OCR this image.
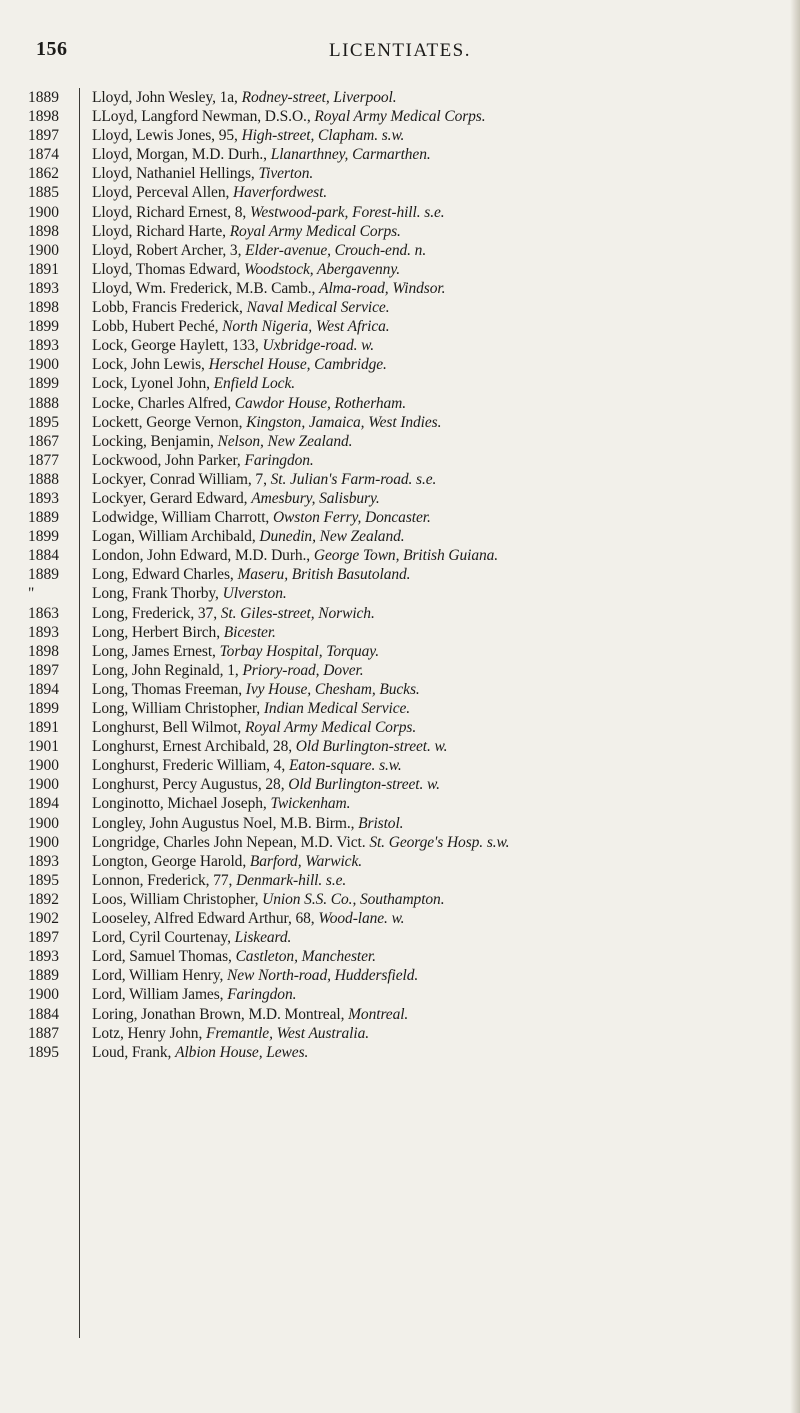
156	LICENTIATES.
1889	Lloyd, John Wesley, 1a, Rodney-street, Liverpool.
1898	LLoyd, Langford Newman, D.S.O., Royal Army Medical Corps.
1897	Lloyd, Lewis Jones, 95, High-street, Clapham. s.w.
1874	Lloyd, Morgan, M.D. Durh., Llanarthney, Carmarthen.
1862	Lloyd, Nathaniel Hellings, Tiverton.
1885	Lloyd, Perceval Allen, Haverfordwest.
1900	Lloyd, Richard Ernest, 8, Westwood-park, Forest-hill. s.e.
1898	Lloyd, Richard Harte, Royal Army Medical Corps.
1900	Lloyd, Robert Archer, 3, Elder-avenue, Crouch-end. n.
1891	Lloyd, Thomas Edward, Woodstock, Abergavenny.
1893	Lloyd, Wm. Frederick, M.B. Camb., Alma-road, Windsor.
1898	Lobb, Francis Frederick, Naval Medical Service.
1899	Lobb, Hubert Peché, North Nigeria, West Africa.
1893	Lock, George Haylett, 133, Uxbridge-road. w.
1900	Lock, John Lewis, Herschel House, Cambridge.
1899	Lock, Lyonel John, Enfield Lock.
1888	Locke, Charles Alfred, Cawdor House, Rotherham.
1895	Lockett, George Vernon, Kingston, Jamaica, West Indies.
1867	Locking, Benjamin, Nelson, New Zealand.
1877	Lockwood, John Parker, Faringdon.
1888	Lockyer, Conrad William, 7, St. Julian's Farm-road. s.e.
1893	Lockyer, Gerard Edward, Amesbury, Salisbury.
1889	Lodwidge, William Charrott, Owston Ferry, Doncaster.
1899	Logan, William Archibald, Dunedin, New Zealand.
1884	London, John Edward, M.D. Durh., George Town, British Guiana.
1889	Long, Edward Charles, Maseru, British Basutoland.
"	Long, Frank Thorby, Ulverston.
1863	Long, Frederick, 37, St. Giles-street, Norwich.
1893	Long, Herbert Birch, Bicester.
1898	Long, James Ernest, Torbay Hospital, Torquay.
1897	Long, John Reginald, 1, Priory-road, Dover.
1894	Long, Thomas Freeman, Ivy House, Chesham, Bucks.
1899	Long, William Christopher, Indian Medical Service.
1891	Longhurst, Bell Wilmot, Royal Army Medical Corps.
1901	Longhurst, Ernest Archibald, 28, Old Burlington-street. w.
1900	Longhurst, Frederic William, 4, Eaton-square. s.w.
1900	Longhurst, Percy Augustus, 28, Old Burlington-street. w.
1894	Longinotto, Michael Joseph, Twickenham.
1900	Longley, John Augustus Noel, M.B. Birm., Bristol.
1900	Longridge, Charles John Nepean, M.D. Vict. St. George's Hosp. s.w.
1893	Longton, George Harold, Barford, Warwick.
1895	Lonnon, Frederick, 77, Denmark-hill. s.e.
1892	Loos, William Christopher, Union S.S. Co., Southampton.
1902	Looseley, Alfred Edward Arthur, 68, Wood-lane. w.
1897	Lord, Cyril Courtenay, Liskeard.
1893	Lord, Samuel Thomas, Castleton, Manchester.
1889	Lord, William Henry, New North-road, Huddersfield.
1900	Lord, William James, Faringdon.
1884	Loring, Jonathan Brown, M.D. Montreal, Montreal.
1887	Lotz, Henry John, Fremantle, West Australia.
1895	Loud, Frank, Albion House, Lewes.
